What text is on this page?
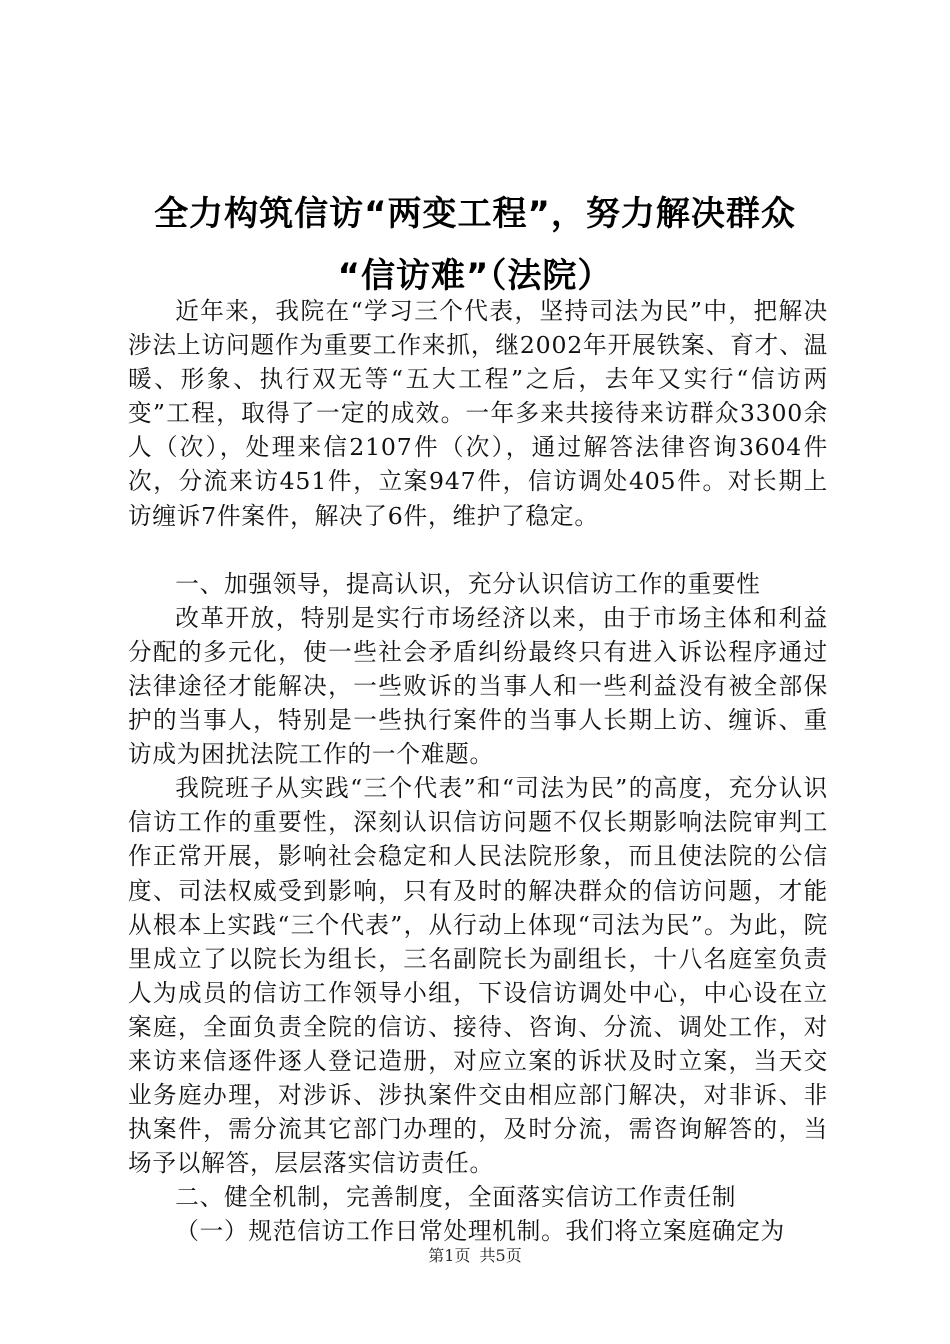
全力构筑信访“两变工程”，努力解决群众
“信访难”（法院）

近年来，我院在“学习三个代表，坚持司法为民”中，把解决涉法上访问题作为重要工作来抓，继2002年开展铁案、育才、温暖、形象、执行双无等“五大工程”之后，去年又实行“信访两变”工程，取得了一定的成效。一年多来共接待来访群众3300余人（次），处理来信2107件（次），通过解答法律咨询3604件次，分流来访451件，立案947件，信访调处405件。对长期上访缠诉7件案件，解决了6件，维护了稳定。

一、加强领导，提高认识，充分认识信访工作的重要性

改革开放，特别是实行市场经济以来，由于市场主体和利益分配的多元化，使一些社会矛盾纠纷最终只有进入诉讼程序通过法律途径才能解决，一些败诉的当事人和一些利益没有被全部保护的当事人，特别是一些执行案件的当事人长期上访、缠诉、重访成为困扰法院工作的一个难题。

我院班子从实践“三个代表”和“司法为民”的高度，充分认识信访工作的重要性，深刻认识信访问题不仅长期影响法院审判工作正常开展，影响社会稳定和人民法院形象，而且使法院的公信度、司法权威受到影响，只有及时的解决群众的信访问题，才能从根本上实践“三个代表”，从行动上体现“司法为民”。为此，院里成立了以院长为组长，三名副院长为副组长，十八名庭室负责人为成员的信访工作领导小组，下设信访调处中心，中心设在立案庭，全面负责全院的信访、接待、咨询、分流、调处工作，对来访来信逐件逐人登记造册，对应立案的诉状及时立案，当天交业务庭办理，对涉诉、涉执案件交由相应部门解决，对非诉、非执案件，需分流其它部门办理的，及时分流，需咨询解答的，当场予以解答，层层落实信访责任。

二、健全机制，完善制度，全面落实信访工作责任制

（一）规范信访工作日常处理机制。我们将立案庭确定为

第1页 共5页
